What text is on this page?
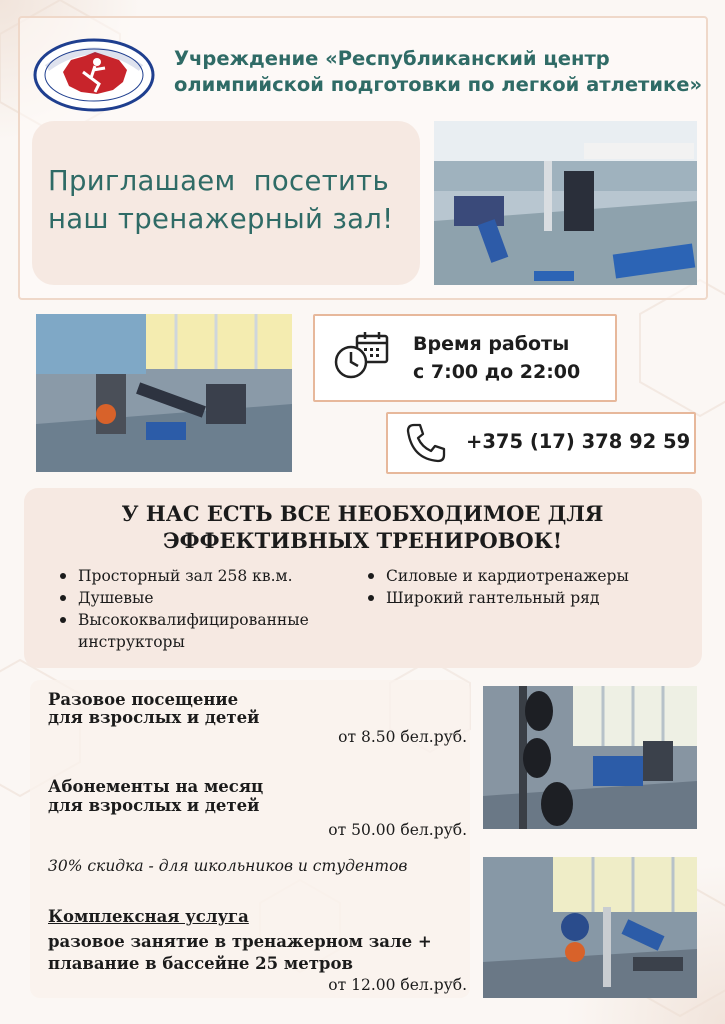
Учреждение «Республиканский центр
олимпийской подготовки по легкой атлетике»
Приглашаем  посетить
наш тренажерный зал!
Время работы
с 7:00 до 22:00
+375 (17) 378 92 59
У НАС ЕСТЬ ВСЕ НЕОБХОДИМОЕ ДЛЯ
ЭФФЕКТИВНЫХ ТРЕНИРОВОК!
Просторный зал 258 кв.м.
Душевые
Высококвалифицированные инструкторы
Силовые и кардиотренажеры
Широкий гантельный ряд
Разовое посещение
для взрослых и детей
от 8.50 бел.руб.
Абонементы на месяц
для взрослых и детей
от 50.00 бел.руб.
30% скидка - для школьников и студентов
Комплексная услуга
разовое занятие в тренажерном зале +
плавание в бассейне 25 метров
от 12.00 бел.руб.
